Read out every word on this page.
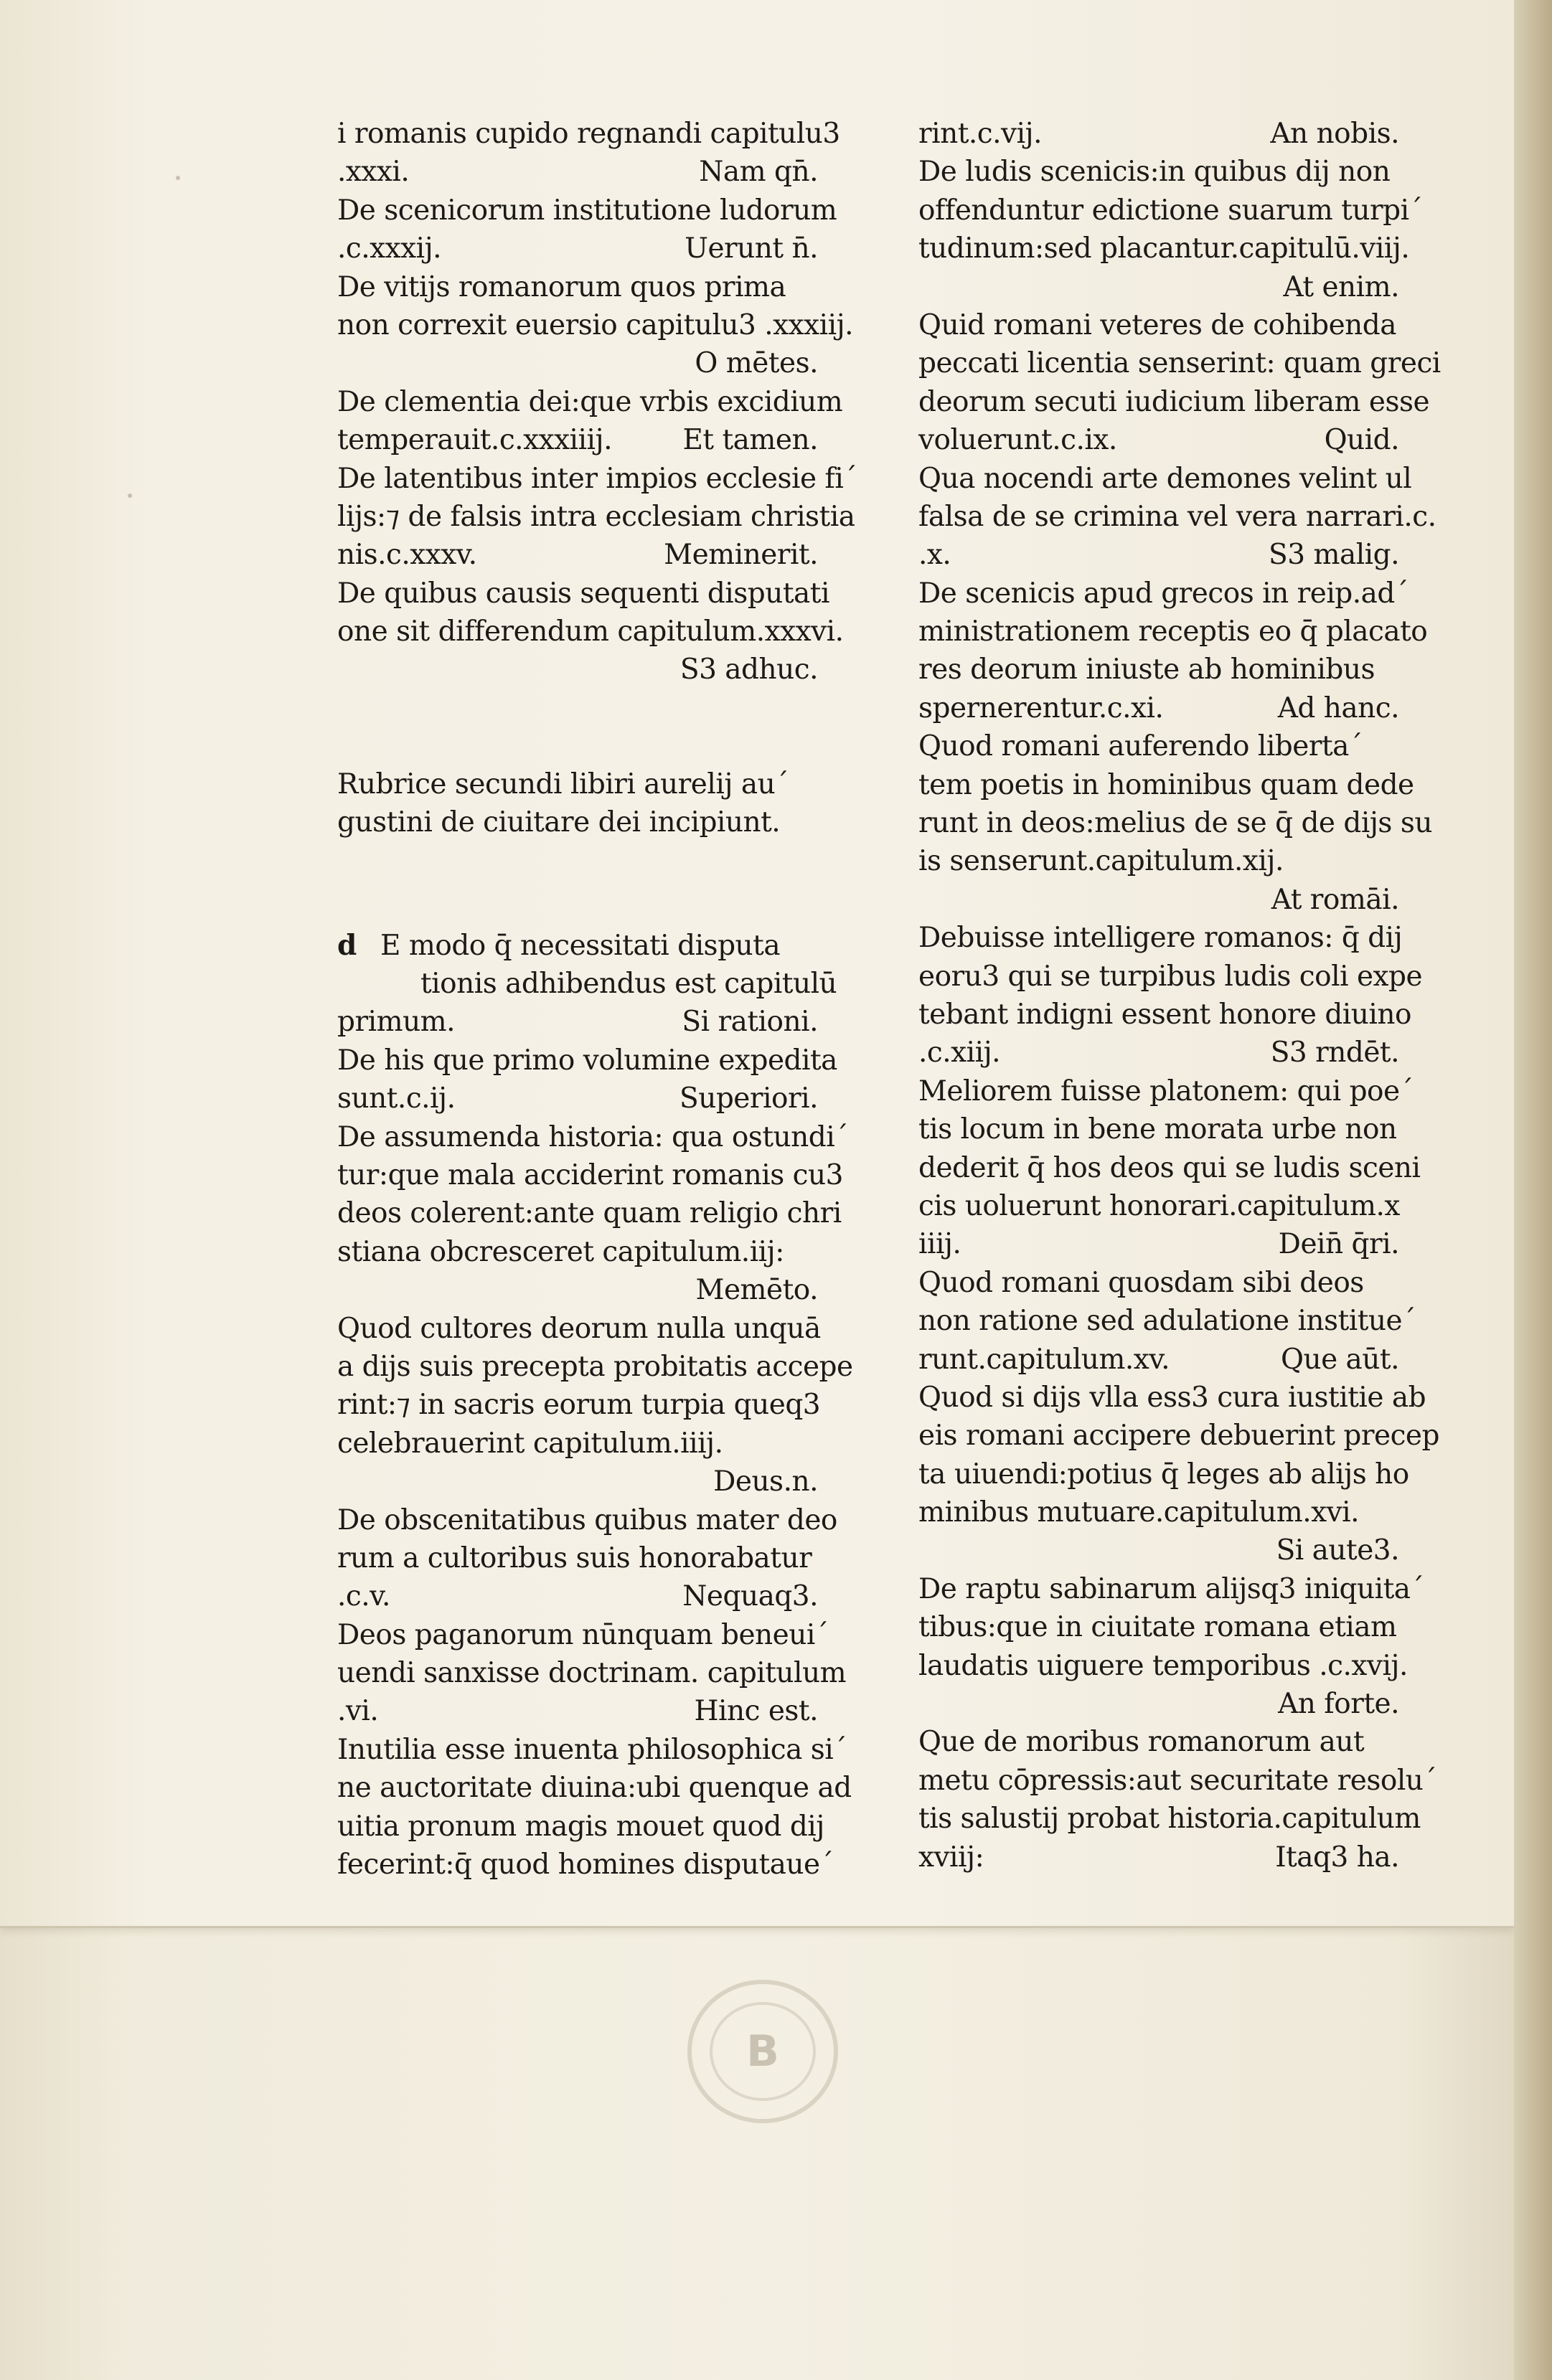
i romanis cupido regnandi capitulu3
.xxxi.	Nam qn̄.
De scenicorum institutione ludorum
.c.xxxij.	Uerunt n̄.
De vitijs romanorum quos prima
non correxit euersio capitulu3 .xxxiij.
O mētes.
De clementia dei:que vrbis excidium
temperauit.c.xxxiiij.	Et tamen.
De latentibus inter impios ecclesie fi´
lijs:⁊ de falsis intra ecclesiam christia
nis.c.xxxv.	Meminerit.
De quibus causis sequenti disputati
one sit differendum capitulum.xxxvi.
S3 adhuc.
Rubrice secundi libiri aurelij au´
gustini de ciuitare dei incipiunt.
d E modo q̄ necessitati disputa
tionis adhibendus est capitulū
primum.	Si rationi.
De his que primo volumine expedita
sunt.c.ij.	Superiori.
De assumenda historia: qua ostundi´
tur:que mala acciderint romanis cu3
deos colerent:ante quam religio chri
stiana obcresceret capitulum.iij:
Memēto.
Quod cultores deorum nulla unquā
a dijs suis precepta probitatis accepe
rint:⁊ in sacris eorum turpia queq3
celebrauerint capitulum.iiij.
Deus.n.
De obscenitatibus quibus mater deo
rum a cultoribus suis honorabatur
.c.v.	Nequaq3.
Deos paganorum nūnquam beneui´
uendi sanxisse doctrinam. capitulum
.vi.	Hinc est.
Inutilia esse inuenta philosophica si´
ne auctoritate diuina:ubi quenque ad
uitia pronum magis mouet quod dij
fecerint:q̄ quod homines disputaue´
rint.c.vij.	An nobis.
De ludis scenicis:in quibus dij non
offenduntur edictione suarum turpi´
tudinum:sed placantur.capitulū.viij.
At enim.
Quid romani veteres de cohibenda
peccati licentia senserint: quam greci
deorum secuti iudicium liberam esse
voluerunt.c.ix.	Quid.
Qua nocendi arte demones velint ul
falsa de se crimina vel vera narrari.c.
.x.	S3 malig.
De scenicis apud grecos in reip.ad´
ministrationem receptis eo q̄ placato
res deorum iniuste ab hominibus
spernerentur.c.xi.	Ad hanc.
Quod romani auferendo liberta´
tem poetis in hominibus quam dede
runt in deos:melius de se q̄ de dijs su
is senserunt.capitulum.xij.
At romāi.
Debuisse intelligere romanos: q̄ dij
eoru3 qui se turpibus ludis coli expe
tebant indigni essent honore diuino
.c.xiij.	S3 rndēt.
Meliorem fuisse platonem: qui poe´
tis locum in bene morata urbe non
dederit q̄ hos deos qui se ludis sceni
cis uoluerunt honorari.capitulum.x
iiij.	Dein̄ q̄ri.
Quod romani quosdam sibi deos
non ratione sed adulatione institue´
runt.capitulum.xv.	Que aūt.
Quod si dijs vlla ess3 cura iustitie ab
eis romani accipere debuerint precep
ta uiuendi:potius q̄ leges ab alijs ho
minibus mutuare.capitulum.xvi.
Si aute3.
De raptu sabinarum alijsq3 iniquita´
tibus:que in ciuitate romana etiam
laudatis uiguere temporibus .c.xvij.
An forte.
Que de moribus romanorum aut
metu cōpressis:aut securitate resolu´
tis salustij probat historia.capitulum
xviij:	Itaq3 ha.
B
